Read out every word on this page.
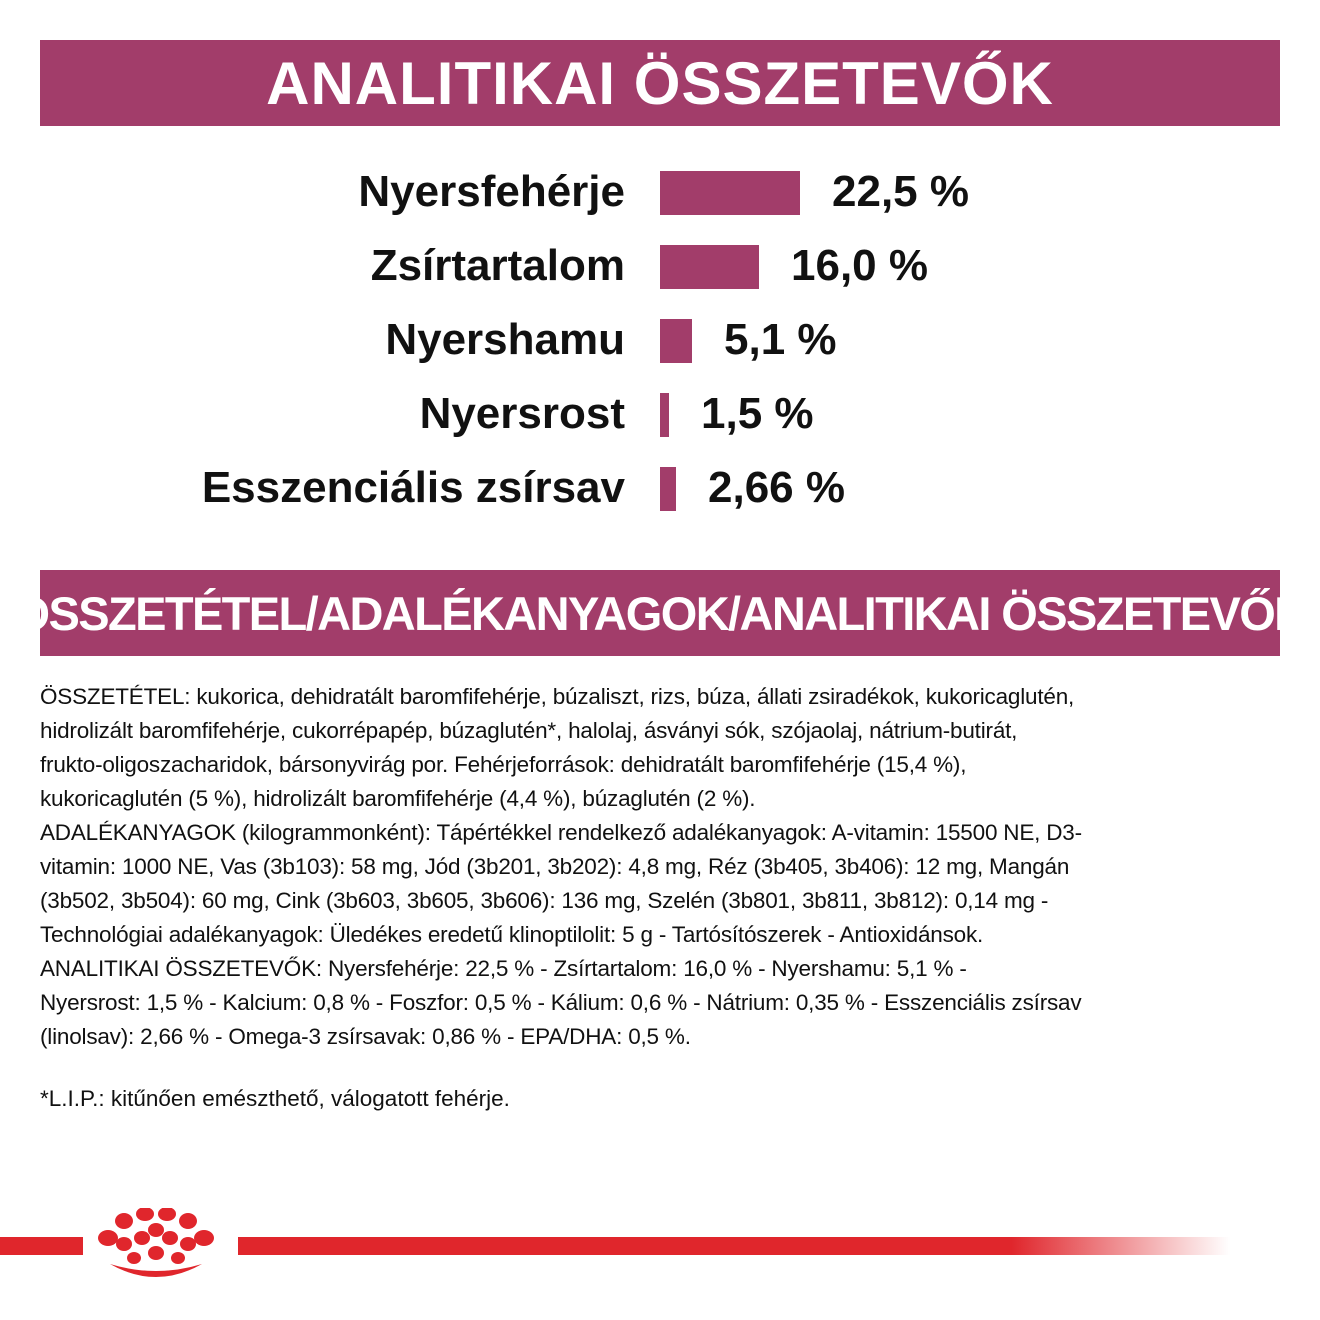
ANALITIKAI ÖSSZETEVŐK
Nyersfehérje	22,5 %
Zsírtartalom	16,0 %
Nyershamu 5,1 %
Nyersrost 1,5 %
Esszenciális zsírsav 2,66 %
ÖSSZETÉTEL/ADALÉKANYAGOK/ANALITIKAI ÖSSZETEVŐK
ÖSSZETÉTEL: kukorica, dehidratált baromfifehérje, búzaliszt, rizs, búza, állati zsiradékok, kukoricaglutén,
hidrolizált baromfifehérje, cukorrépapép, búzaglutén*, halolaj, ásványi sók, szójaolaj, nátrium-butirát,
frukto-oligoszacharidok, bársonyvirág por. Fehérjeforrások: dehidratált baromfifehérje (15,4 %),
kukoricaglutén (5 %), hidrolizált baromfifehérje (4,4 %), búzaglutén (2 %).
ADALÉKANYAGOK (kilogrammonként): Tápértékkel rendelkező adalékanyagok: A-vitamin: 15500 NE, D3-
vitamin: 1000 NE, Vas (3b103): 58 mg, Jód (3b201, 3b202): 4,8 mg, Réz (3b405, 3b406): 12 mg, Mangán
(3b502, 3b504): 60 mg, Cink (3b603, 3b605, 3b606): 136 mg, Szelén (3b801, 3b811, 3b812): 0,14 mg -
Technológiai adalékanyagok: Üledékes eredetű klinoptilolit: 5 g - Tartósítószerek - Antioxidánsok.
ANALITIKAI ÖSSZETEVŐK: Nyersfehérje: 22,5 % - Zsírtartalom: 16,0 % - Nyershamu: 5,1 % -
Nyersrost: 1,5 % - Kalcium: 0,8 % - Foszfor: 0,5 % - Kálium: 0,6 % - Nátrium: 0,35 % - Esszenciális zsírsav
(linolsav): 2,66 % - Omega-3 zsírsavak: 0,86 % - EPA/DHA: 0,5 %.
*L.I.P.: kitűnően emészthető, válogatott fehérje.
